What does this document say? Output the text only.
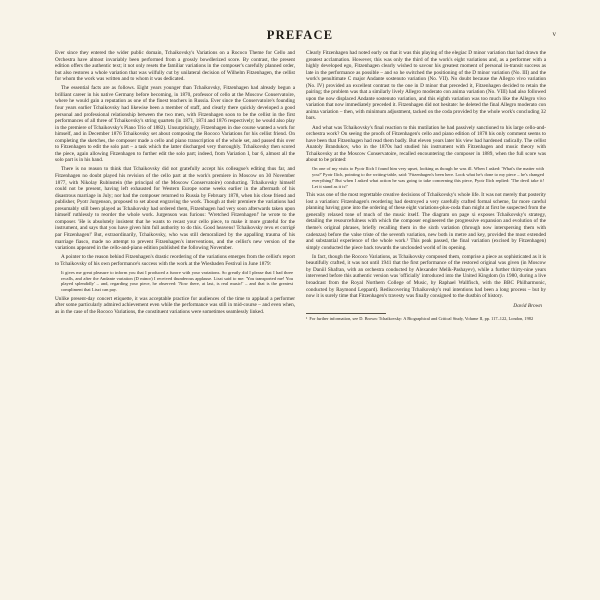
PREFACE	v

Ever since they entered the wider public domain, Tchaikovsky's Variations on a Rococo Theme for Cello and Orchestra have almost invariably been performed from a grossly bowdlerized score. By contrast, the present edition offers the authentic text; it not only resets the familiar variations in the composer's carefully planned order, but also restores a whole variation that was wilfully cut by unilateral decision of Wilhelm Fitzenhagen, the cellist for whom the work was written and to whom it was dedicated.

The essential facts are as follows. Eight years younger than Tchaikovsky, Fitzenhagen had already begun a brilliant career in his native Germany before becoming, in 1870, professor of cello at the Moscow Conservatoire, where he would gain a reputation as one of the finest teachers in Russia. Ever since the Conservatoire's founding four years earlier Tchaikovsky had likewise been a member of staff, and clearly there quickly developed a good personal and professional relationship between the two men, with Fitzenhagen soon to be the cellist in the first performances of all three of Tchaikovsky's string quartets (in 1871, 1874 and 1876 respectively; he would also play in the premiere of Tchaikovsky's Piano Trio of 1882). Unsurprisingly, Fitzenhagen in due course wanted a work for himself, and in December 1876 Tchaikovsky set about composing the Rococo Variations for his cellist friend. On completing the sketches, the composer made a cello and piano transcription of the whole set, and passed this over to Fitzenhagen to edit the solo part – a task which the latter discharged very thoroughly. Tchaikovsky then scored the piece, again allowing Fitzenhagen to further edit the solo part; indeed, from Variation I, bar 6, almost all the solo part is in his hand.

There is no reason to think that Tchaikovsky did not gratefully accept his colleague's editing thus far, and Fitzenhagen no doubt played his revision of the cello part at the work's premiere in Moscow on 30 November 1877, with Nikolay Rubinstein (the principal of the Moscow Conservatoire) conducting. Tchaikovsky himself could not be present, having left exhausted for Western Europe some weeks earlier in the aftermath of his disastrous marriage in July; nor had the composer returned to Russia by February 1878, when his close friend and publisher, Pyotr Jurgenson, proposed to set about engraving the work. Though at their premiere the variations had presumably still been played as Tchaikovsky had ordered them, Fitzenhagen had very soon afterwards taken upon himself ruthlessly to reorder the whole work. Jurgenson was furious: 'Wretched Fitzenhagen!' he wrote to the composer. 'He is absolutely insistent that he wants to recast your cello piece, to make it more grateful for the instrument, and says that you have given him full authority to do this. Good heavens! Tchaikovsky revu et corrigé par Fitzenhagen!' But, extraordinarily, Tchaikovsky, who was still demoralized by the appalling trauma of his marriage fiasco, made no attempt to prevent Fitzenhagen's interventions, and the cellist's new version of the variations appeared in the cello-and-piano edition published the following November.

A pointer to the reason behind Fitzenhagen's drastic reordering of the variations emerges from the cellist's report to Tchaikovsky of his own performance's success with the work at the Wiesbaden Festival in June 1879:

It gives me great pleasure to inform you that I produced a furore with your variations. So greatly did I please that I had three recalls, and after the Andante variation (D minor) I received thunderous applause. Liszt said to me: 'You transported me! You played splendidly' – and, regarding your piece, he observed: 'Now there, at last, is real music!' – and that is the greatest compliment that Liszt can pay.

Unlike present-day concert etiquette, it was acceptable practice for audiences of the time to applaud a performer after some particularly admired achievement even while the performance was still in mid-course – and even when, as in the case of the Rococo Variations, the constituent variations were sometimes seamlessly linked.

Clearly Fitzenhagen had noted early on that it was this playing of the elegiac D minor variation that had drawn the greatest acclamation. However, this was only the third of the work's eight variations and, as a performer with a highly developed ego, Fitzenhagen clearly wished to savour his greatest moment of personal in-transit success as late in the performance as possible – and so he switched the positioning of the D minor variation (No. III) and the work's penultimate C major Andante sostenuto variation (No. VII). No doubt because the Allegro vivo variation (No. IV) provided an excellent contrast to the one in D minor that preceded it, Fitzenhagen decided to retain the pairing; the problem was that a similarly lively Allegro moderato con anima variation (No. VIII) had also followed upon the now displaced Andante sostenuto variation, and this eighth variation was too much like the Allegro vivo variation that now immediately preceded it. Fitzenhagen did not hesitate: he deleted the final Allegro moderato con anima variation – then, with minimum adjustment, tacked on the coda provided by the whole work's concluding 32 bars.

And what was Tchaikovsky's final reaction to this mutilation he had passively sanctioned to his large cello-and-orchestra work? On seeing the proofs of Fitzenhagen's cello and piano edition of 1878 his only comment seems to have been that Fitzenhagen had read them badly. But eleven years later his view had hardened radically. The cellist Anatoly Brandukov, who in the 1870s had studied his instrument with Fitzenhagen and music theory with Tchaikovsky at the Moscow Conservatoire, recalled encountering the composer in 1889, when the full score was about to be printed:

On one of my visits to Pyotr Ilich I found him very upset, looking as though he was ill. When I asked: 'What's the matter with you?' Pyotr Ilich, pointing to the writing-table, said: 'Fitzenhagen's been here. Look what he's done to my piece – he's changed everything!' But when I asked what action he was going to take concerning this piece, Pyotr Ilich replied: 'The devil take it! Let it stand as it is!'

This was one of the most regrettable creative decisions of Tchaikovsky's whole life. It was not merely that posterity lost a variation: Fitzenhagen's reordering had destroyed a very carefully crafted formal scheme, far more careful planning having gone into the ordering of these eight variations-plus-coda than might at first be suspected from the generally relaxed tone of much of the music itself. The diagram on page xi exposes Tchaikovsky's strategy, detailing the resourcefulness with which the composer engineered the progressive expansion and evolution of the theme's original phrases, briefly recalling them in the sixth variation (through now interspersing them with cadenzas) before the valse triste of the seventh variation, new both in metre and key, provided the most extended and substantial experience of the whole work.¹ This peak passed, the final variation (excised by Fitzenhagen) simply conducted the piece back towards the unclouded world of its opening.

In fact, though the Rococo Variations, as Tchaikovsky composed them, comprise a piece as sophisticated as it is beautifully crafted, it was not until 1941 that the first performance of the restored original was given (in Moscow by Daniil Shafran, with an orchestra conducted by Alexander Melik-Pashayev), while a further thirty-nine years intervened before this authentic version was 'officially' introduced into the United Kingdom (in 1980, during a live broadcast from the Royal Northern College of Music, by Raphael Wallfisch, with the BBC Philharmonic, conducted by Raymond Leppard). Rediscovering Tchaikovsky's real intentions had been a long process – but by now it is surely time that Fitzenhagen's travesty was finally consigned to the dustbin of history.

David Brown
¹ For further information, see D. Brown: Tchaikovsky: A Biographical and Critical Study, Volume II, pp. 117–122, London, 1982
